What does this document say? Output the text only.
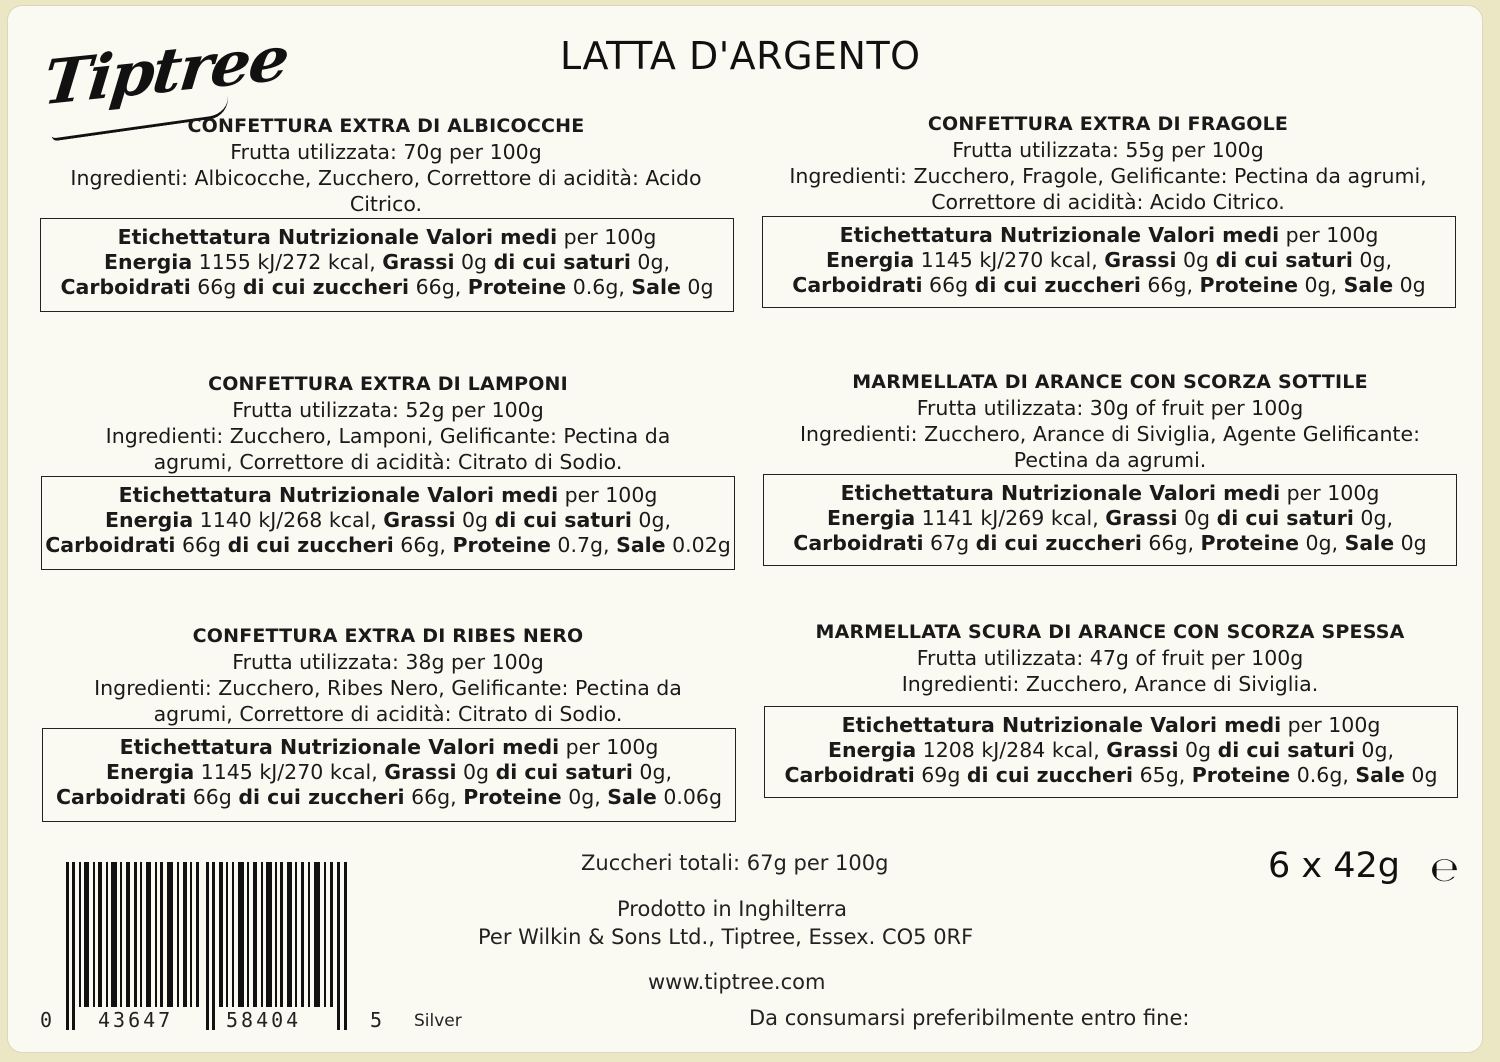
Tiptree	LATTA D'ARGENTO
CONFETTURA EXTRA DI ALBICOCCHE
Frutta utilizzata: 70g per 100g
Ingredienti: Albicocche, Zucchero, Correttore di acidità: Acido
Citrico.
Etichettatura Nutrizionale Valori medi per 100g
Energia 1155 kJ/272 kcal, Grassi 0g di cui saturi 0g,
Carboidrati 66g di cui zuccheri 66g, Proteine 0.6g, Sale 0g
CONFETTURA EXTRA DI FRAGOLE
Frutta utilizzata: 55g per 100g
Ingredienti: Zucchero, Fragole, Gelificante: Pectina da agrumi,
Correttore di acidità: Acido Citrico.
Etichettatura Nutrizionale Valori medi per 100g
Energia 1145 kJ/270 kcal, Grassi 0g di cui saturi 0g,
Carboidrati 66g di cui zuccheri 66g, Proteine 0g, Sale 0g
CONFETTURA EXTRA DI LAMPONI
Frutta utilizzata: 52g per 100g
Ingredienti: Zucchero, Lamponi, Gelificante: Pectina da
agrumi, Correttore di acidità: Citrato di Sodio.
Etichettatura Nutrizionale Valori medi per 100g
Energia 1140 kJ/268 kcal, Grassi 0g di cui saturi 0g,
Carboidrati 66g di cui zuccheri 66g, Proteine 0.7g, Sale 0.02g
MARMELLATA DI ARANCE CON SCORZA SOTTILE
Frutta utilizzata: 30g of fruit per 100g
Ingredienti: Zucchero, Arance di Siviglia, Agente Gelificante:
Pectina da agrumi.
Etichettatura Nutrizionale Valori medi per 100g
Energia 1141 kJ/269 kcal, Grassi 0g di cui saturi 0g,
Carboidrati 67g di cui zuccheri 66g, Proteine 0g, Sale 0g
CONFETTURA EXTRA DI RIBES NERO
Frutta utilizzata: 38g per 100g
Ingredienti: Zucchero, Ribes Nero, Gelificante: Pectina da
agrumi, Correttore di acidità: Citrato di Sodio.
Etichettatura Nutrizionale Valori medi per 100g
Energia 1145 kJ/270 kcal, Grassi 0g di cui saturi 0g,
Carboidrati 66g di cui zuccheri 66g, Proteine 0g, Sale 0.06g
MARMELLATA SCURA DI ARANCE CON SCORZA SPESSA
Frutta utilizzata: 47g of fruit per 100g
Ingredienti: Zucchero, Arance di Siviglia.
Etichettatura Nutrizionale Valori medi per 100g
Energia 1208 kJ/284 kcal, Grassi 0g di cui saturi 0g,
Carboidrati 69g di cui zuccheri 65g, Proteine 0.6g, Sale 0g
Zuccheri totali: 67g per 100g	6 x 42g ℮
Prodotto in Inghilterra
Per Wilkin & Sons Ltd., Tiptree, Essex. CO5 0RF
www.tiptree.com
Da consumarsi preferibilmente entro fine:
0 43647	58404	5 Silver
